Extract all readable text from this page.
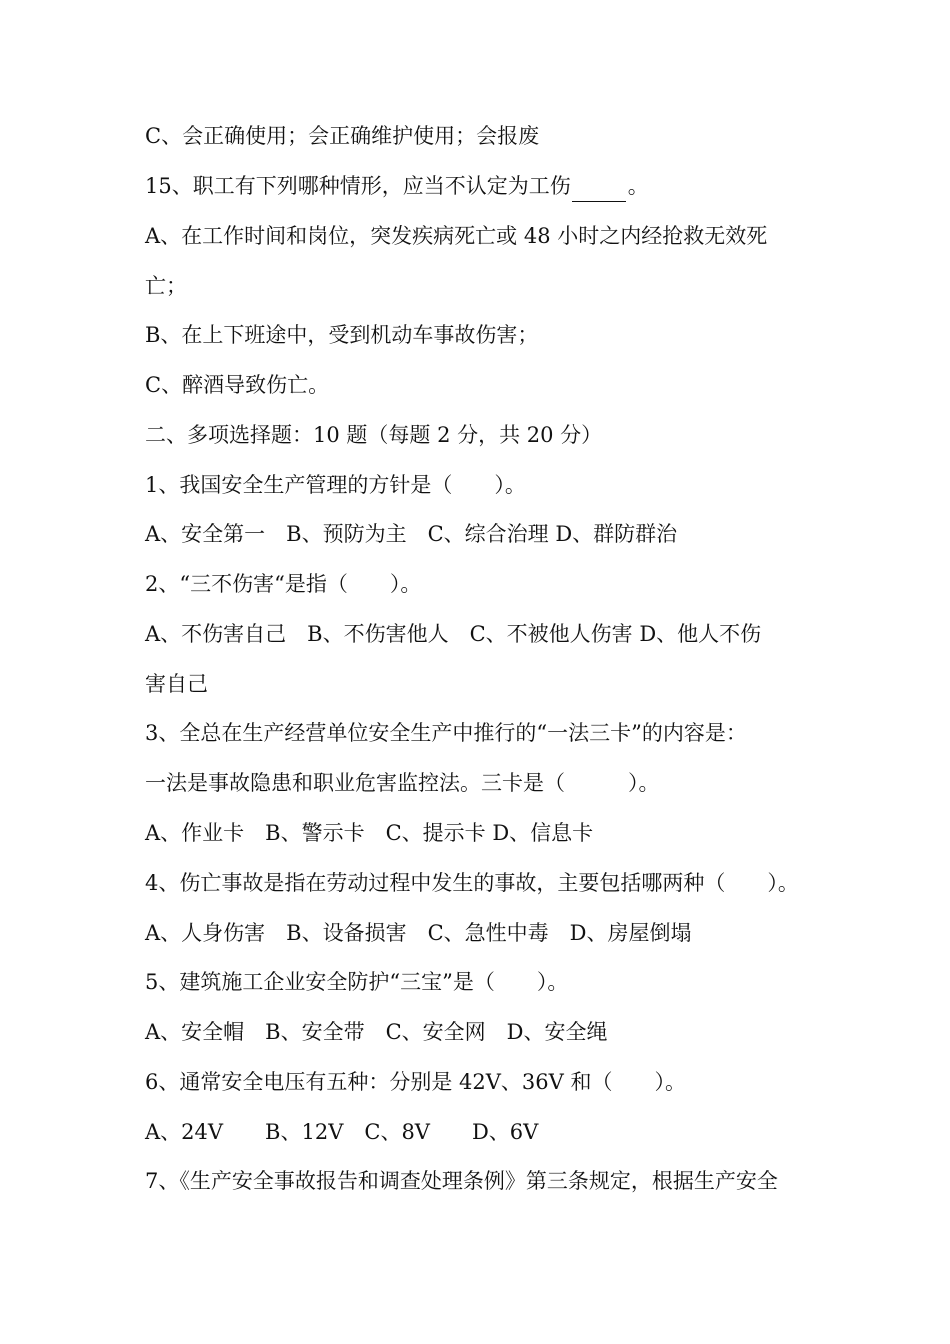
C、会正确使用；会正确维护使用；会报废
15、职工有下列哪种情形，应当不认定为工伤	。
A、在工作时间和岗位，突发疾病死亡或 48 小时之内经抢救无效死
亡；
B、在上下班途中，受到机动车事故伤害；
C、醉酒导致伤亡。
二、多项选择题：10 题（每题 2 分，共 20 分）
1、我国安全生产管理的方针是（　　）。
A、安全第一　B、预防为主　C、综合治理 D、群防群治
2、“三不伤害“是指（　　）。
A、不伤害自己　B、不伤害他人　C、不被他人伤害 D、他人不伤
害自己
3、全总在生产经营单位安全生产中推行的“一法三卡”的内容是：
一法是事故隐患和职业危害监控法。三卡是（　　　）。
A、作业卡　B、警示卡　C、提示卡 D、信息卡
4、伤亡事故是指在劳动过程中发生的事故，主要包括哪两种（　　）。
A、人身伤害　B、设备损害　C、急性中毒　D、房屋倒塌
5、建筑施工企业安全防护“三宝”是（　　）。
A、安全帽　B、安全带　C、安全网　D、安全绳
6、通常安全电压有五种：分别是 42V、36V 和（　　）。
A、24V　　B、12V　C、8V　　D、6V
7、《生产安全事故报告和调查处理条例》第三条规定，根据生产安全
